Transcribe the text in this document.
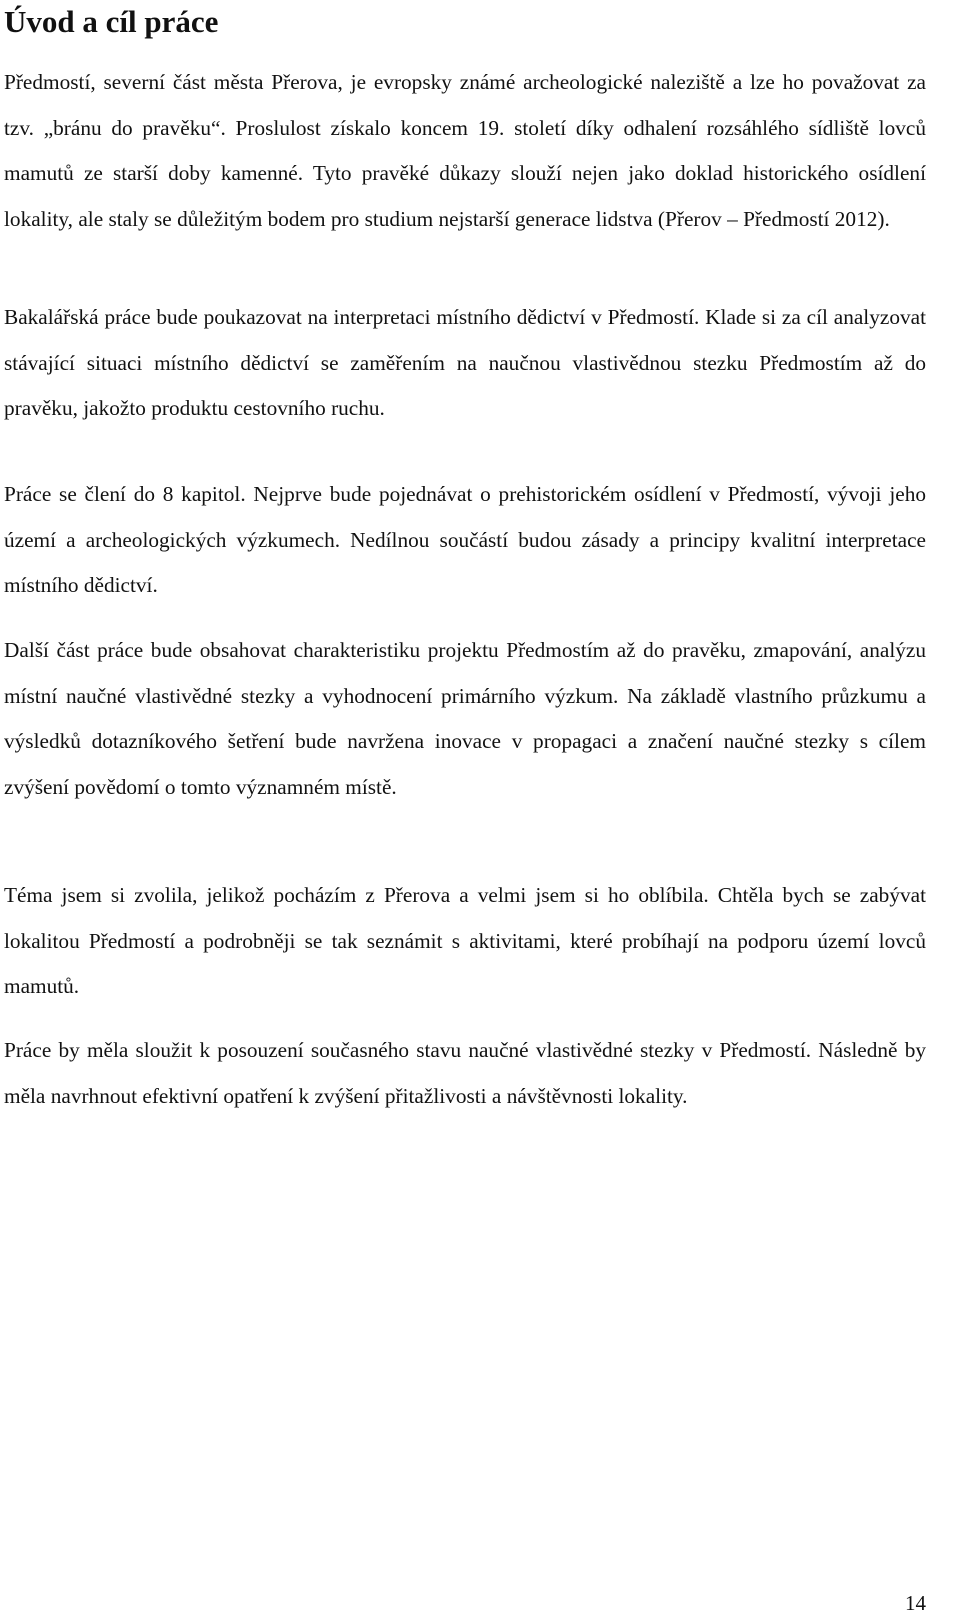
Úvod a cíl práce

Předmostí, severní část města Přerova, je evropsky známé archeologické naleziště a lze ho považovat za tzv. „bránu do pravěku“. Proslulost získalo koncem 19. století díky odhalení rozsáhlého sídliště lovců mamutů ze starší doby kamenné. Tyto pravěké důkazy slouží nejen jako doklad historického osídlení lokality, ale staly se důležitým bodem pro studium nejstarší generace lidstva (Přerov – Předmostí 2012).

Bakalářská práce bude poukazovat na interpretaci místního dědictví v Předmostí. Klade si za cíl analyzovat stávající situaci místního dědictví se zaměřením na naučnou vlastivědnou stezku Předmostím až do pravěku, jakožto produktu cestovního ruchu.

Práce se člení do 8 kapitol. Nejprve bude pojednávat o prehistorickém osídlení v Předmostí, vývoji jeho území a archeologických výzkumech. Nedílnou součástí budou zásady a principy kvalitní interpretace místního dědictví.

Další část práce bude obsahovat charakteristiku projektu Předmostím až do pravěku, zmapování, analýzu místní naučné vlastivědné stezky a vyhodnocení primárního výzkum. Na základě vlastního průzkumu a výsledků dotazníkového šetření bude navržena inovace v propagaci a značení naučné stezky s cílem zvýšení povědomí o tomto významném místě.

Téma jsem si zvolila, jelikož pocházím z Přerova a velmi jsem si ho oblíbila. Chtěla bych se zabývat lokalitou Předmostí a podrobněji se tak seznámit s aktivitami, které probíhají na podporu území lovců mamutů.

Práce by měla sloužit k posouzení současného stavu naučné vlastivědné stezky v Předmostí. Následně by měla navrhnout efektivní opatření k zvýšení přitažlivosti a návštěvnosti lokality.

14
